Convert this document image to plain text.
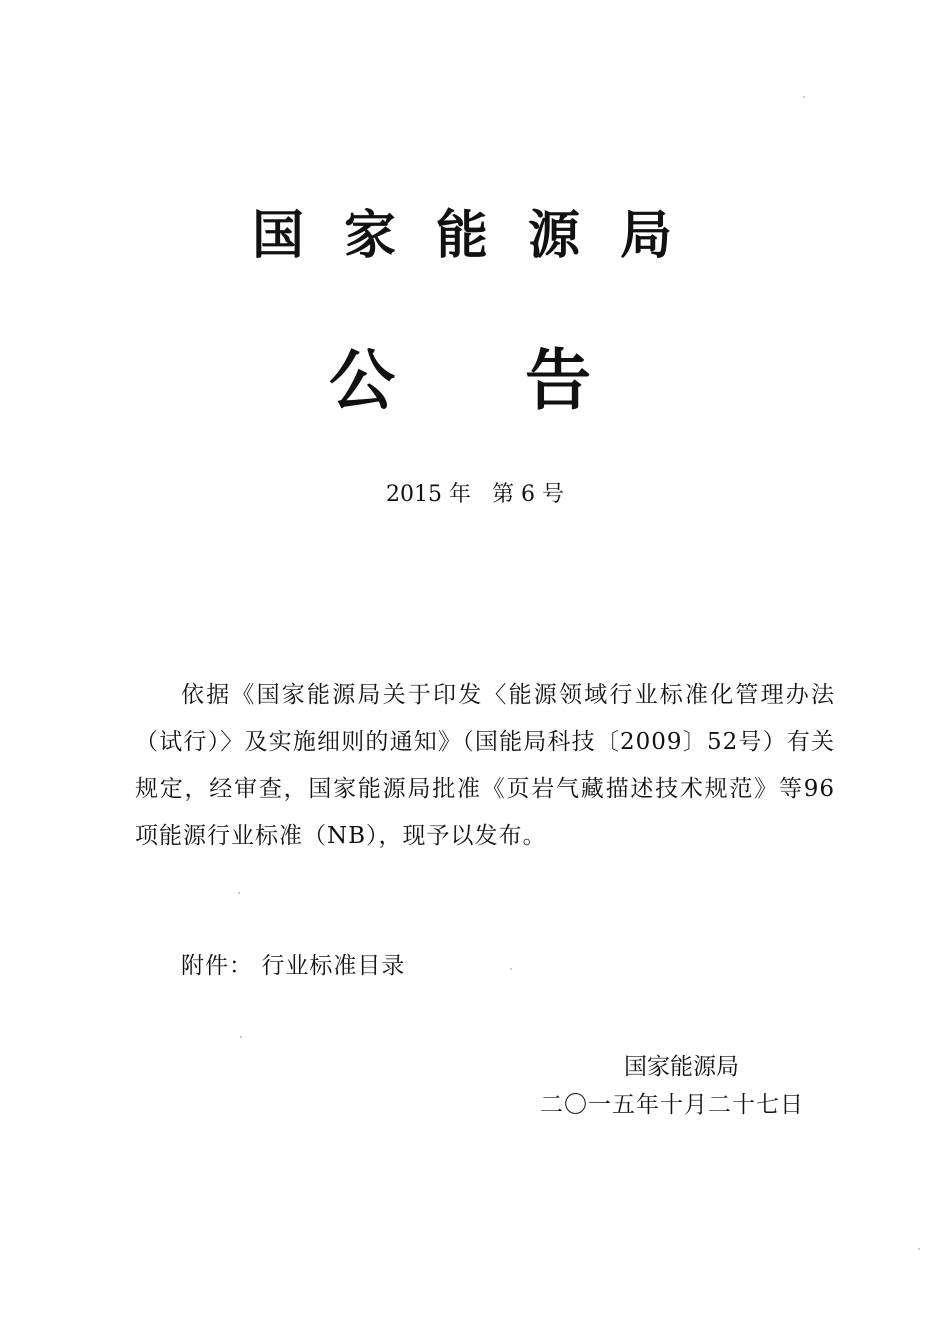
国家能源局
公告
2015 年 第 6 号
依据《国家能源局关于印发〈能源领域行业标准化管理办法（试行）〉及实施细则的通知》（国能局科技〔2009〕52号）有关规定，经审查，国家能源局批准《页岩气藏描述技术规范》等96项能源行业标准（NB），现予以发布。
附件： 行业标准目录
国家能源局
二〇一五年十月二十七日
